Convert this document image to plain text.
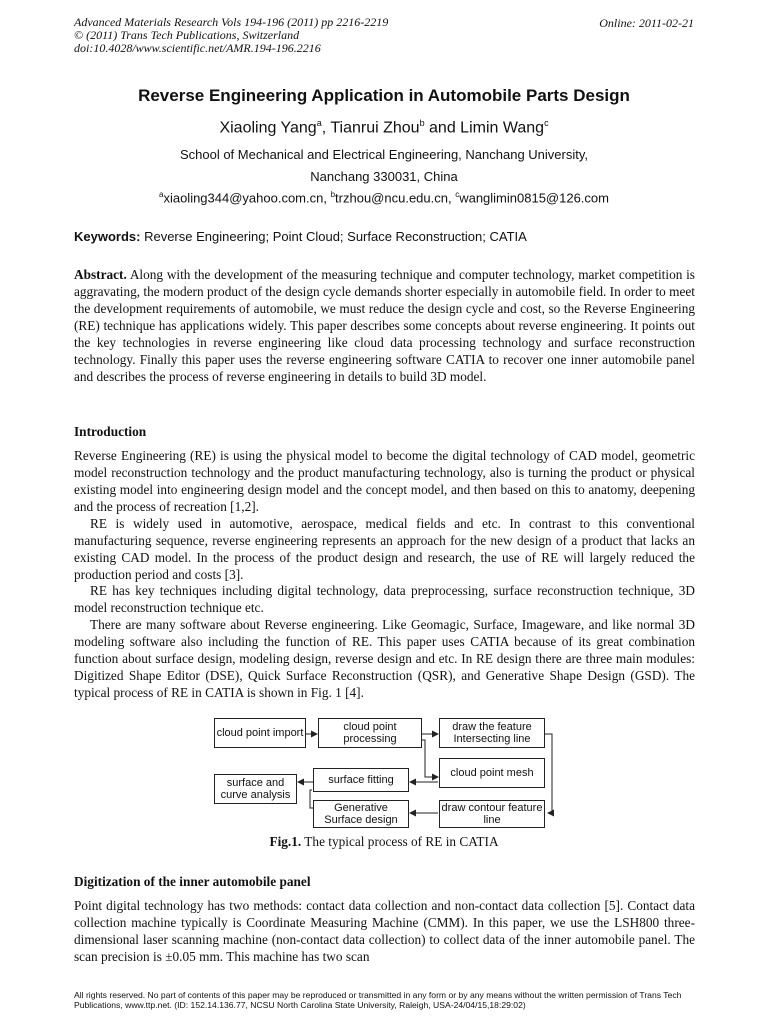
Advanced Materials Research Vols 194-196 (2011) pp 2216-2219
© (2011) Trans Tech Publications, Switzerland
doi:10.4028/www.scientific.net/AMR.194-196.2216
Online: 2011-02-21
Reverse Engineering Application in Automobile Parts Design
Xiaoling Yang$^a$, Tianrui Zhou$^b$ and Limin Wang$^c$
School of Mechanical and Electrical Engineering, Nanchang University,
Nanchang 330031, China
$^a$xiaoling344@yahoo.com.cn, $^b$trzhou@ncu.edu.cn, $^c$wanglimin0815@126.com
Keywords: Reverse Engineering; Point Cloud; Surface Reconstruction; CATIA
Abstract. Along with the development of the measuring technique and computer technology, market competition is aggravating, the modern product of the design cycle demands shorter especially in automobile field. In order to meet the development requirements of automobile, we must reduce the design cycle and cost, so the Reverse Engineering (RE) technique has applications widely. This paper describes some concepts about reverse engineering. It points out the key technologies in reverse engineering like cloud data processing technology and surface reconstruction technology. Finally this paper uses the reverse engineering software CATIA to recover one inner automobile panel and describes the process of reverse engineering in details to build 3D model.
Introduction
Reverse Engineering (RE) is using the physical model to become the digital technology of CAD model, geometric model reconstruction technology and the product manufacturing technology, also is turning the product or physical existing model into engineering design model and the concept model, and then based on this to anatomy, deepening and the process of recreation [1,2].
RE is widely used in automotive, aerospace, medical fields and etc. In contrast to this conventional manufacturing sequence, reverse engineering represents an approach for the new design of a product that lacks an existing CAD model. In the process of the product design and research, the use of RE will largely reduced the production period and costs [3].
RE has key techniques including digital technology, data preprocessing, surface reconstruction technique, 3D model reconstruction technique etc.
There are many software about Reverse engineering. Like Geomagic, Surface, Imageware, and like normal 3D modeling software also including the function of RE. This paper uses CATIA because of its great combination function about surface design, modeling design, reverse design and etc. In RE design there are three main modules: Digitized Shape Editor (DSE), Quick Surface Reconstruction (QSR), and Generative Shape Design (GSD). The typical process of RE in CATIA is shown in Fig. 1 [4].
cloud point import	cloud point processing
draw the feature Intersecting line
cloud point mesh
surface fitting
surface and curve analysis
Generative Surface design
draw contour feature line
Fig.1. The typical process of RE in CATIA
Digitization of the inner automobile panel
Point digital technology has two methods: contact data collection and non-contact data collection [5]. Contact data collection machine typically is Coordinate Measuring Machine (CMM). In this paper, we use the LSH800 three-dimensional laser scanning machine (non-contact data collection) to collect data of the inner automobile panel. The scan precision is ±0.05 mm. This machine has two scan
All rights reserved. No part of contents of this paper may be reproduced or transmitted in any form or by any means without the written permission of Trans Tech Publications, www.ttp.net. (ID: 152.14.136.77, NCSU North Carolina State University, Raleigh, USA-24/04/15,18:29:02)
